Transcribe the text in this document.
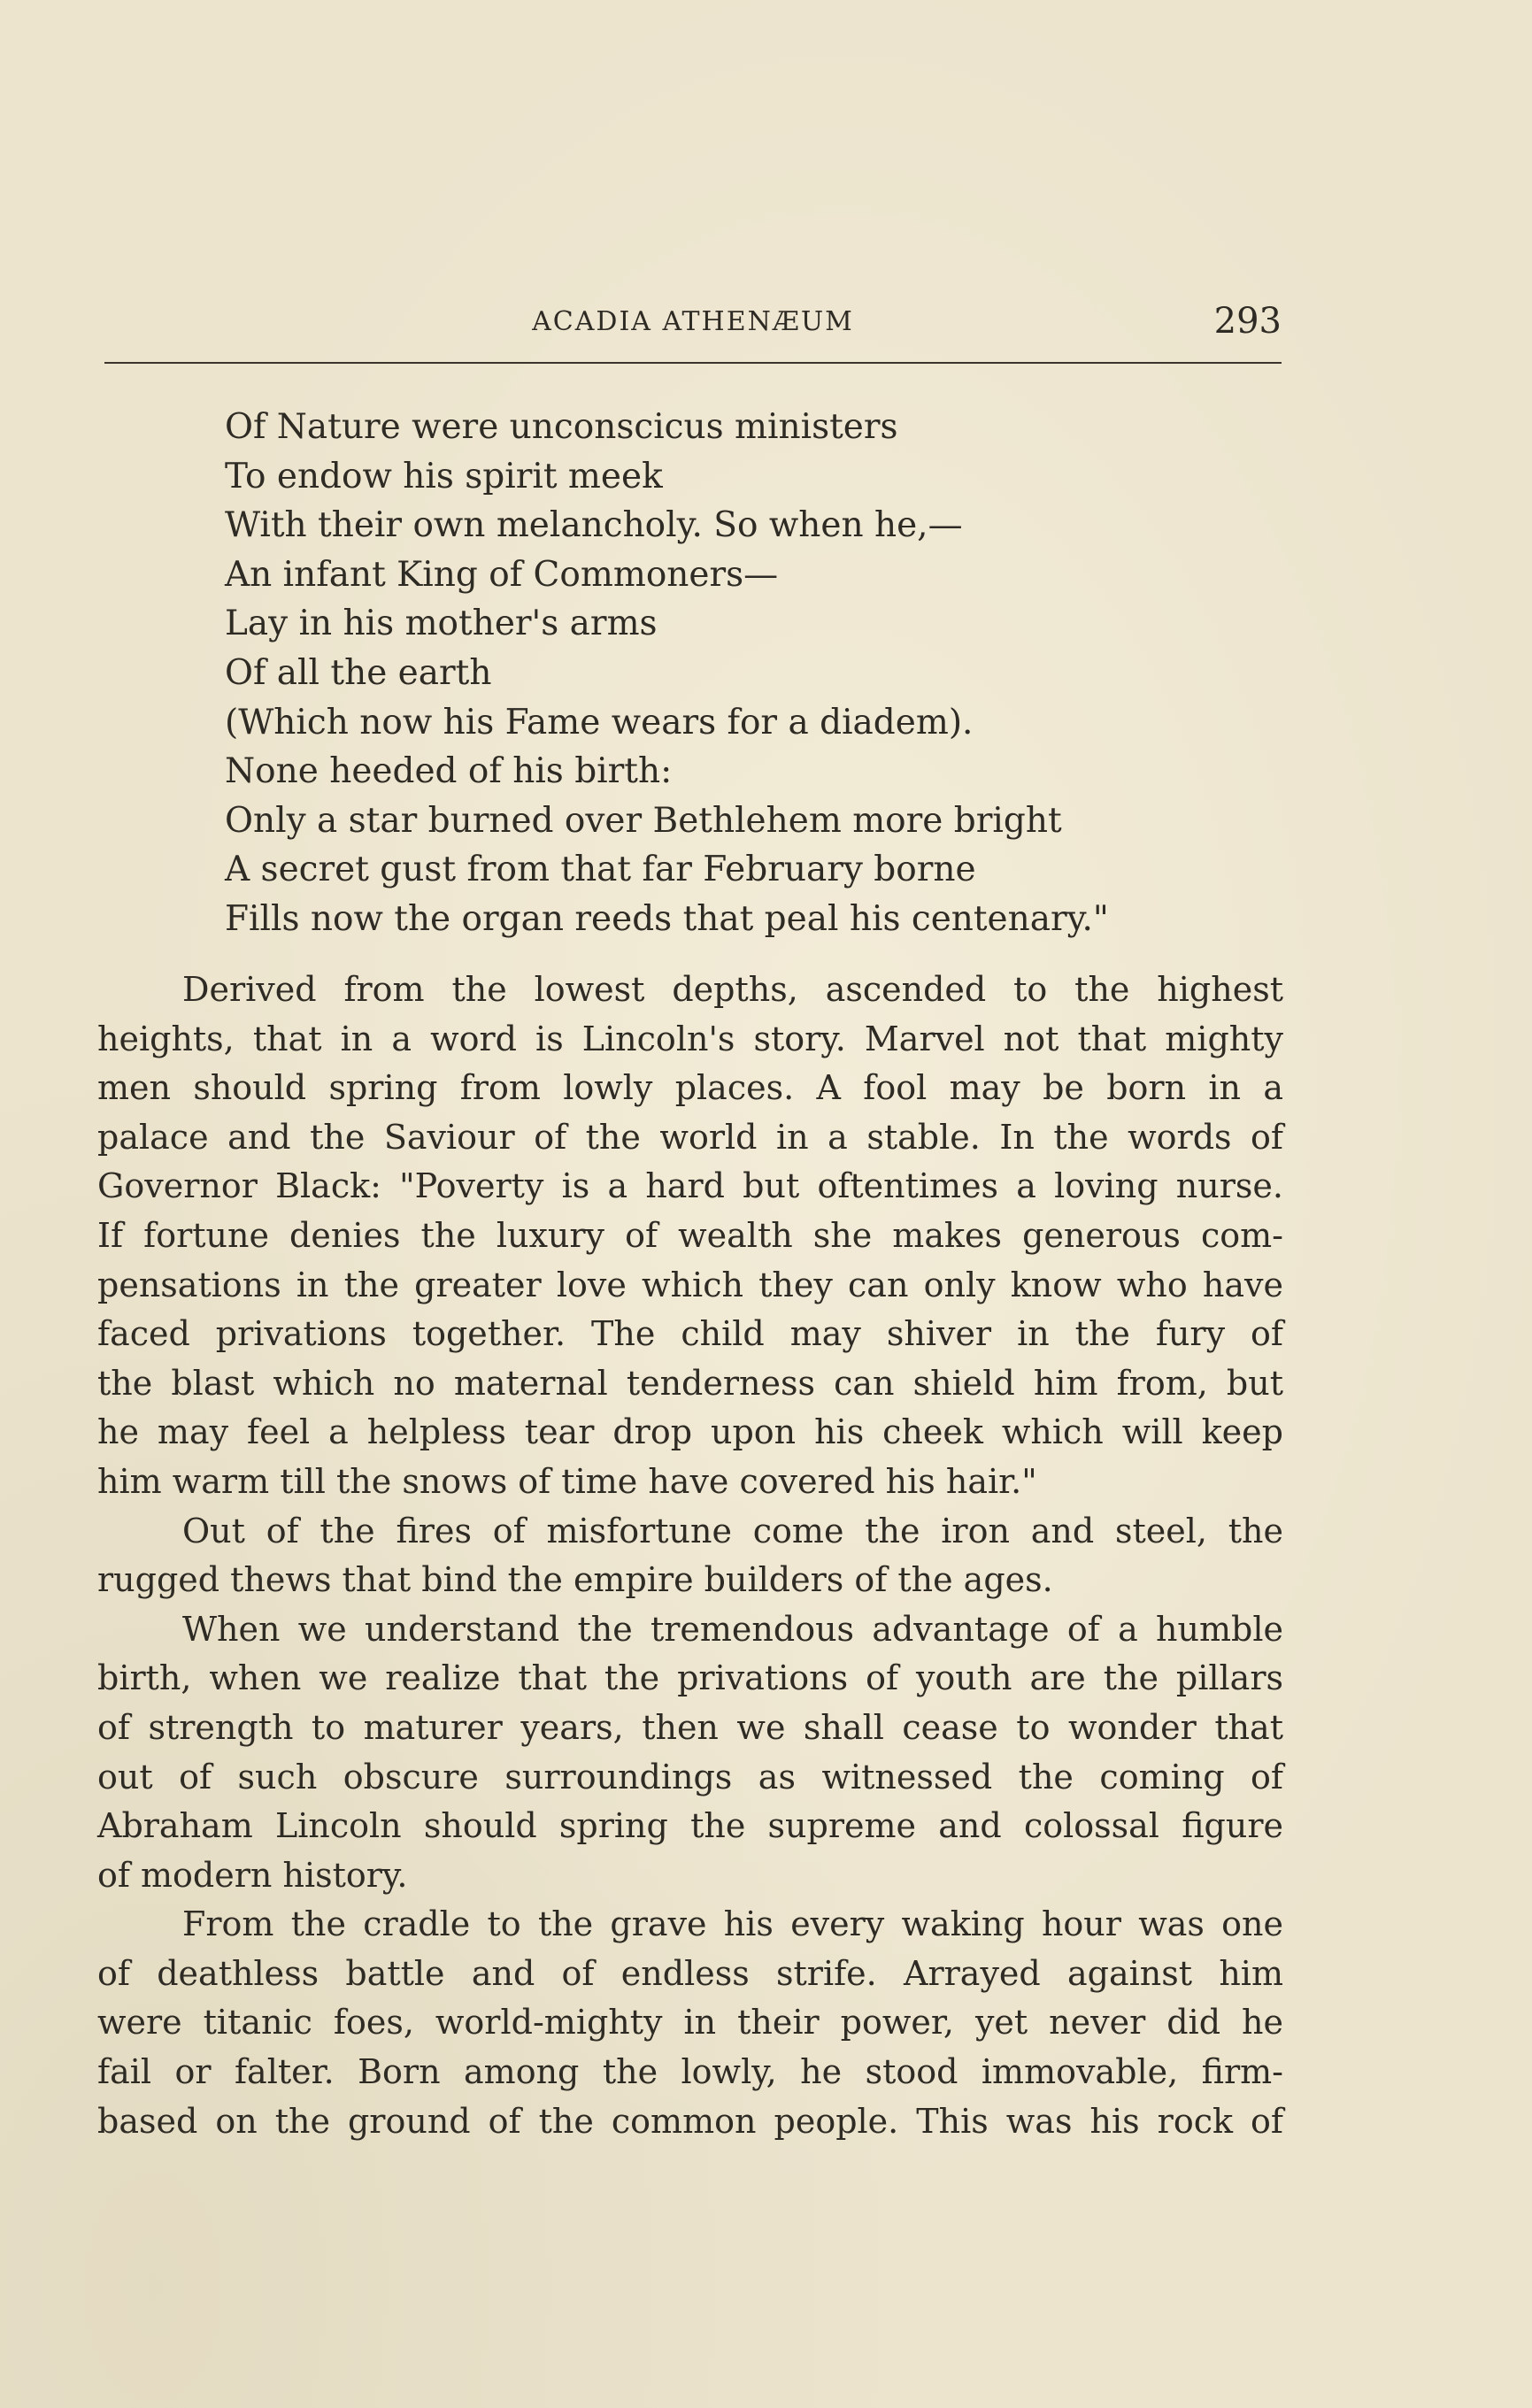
ACADIA ATHENÆUM	293
Of Nature were unconscicus ministers
To endow his spirit meek
With their own melancholy. So when he,—
An infant King of Commoners—
Lay in his mother's arms
Of all the earth
(Which now his Fame wears for a diadem).
None heeded of his birth:
Only a star burned over Bethlehem more bright
A secret gust from that far February borne
Fills now the organ reeds that peal his centenary."
Derived from the lowest depths, ascended to the highest
heights, that in a word is Lincoln's story. Marvel not that mighty
men should spring from lowly places. A fool may be born in a
palace and the Saviour of the world in a stable. In the words of
Governor Black: "Poverty is a hard but oftentimes a loving nurse.
If fortune denies the luxury of wealth she makes generous com-
pensations in the greater love which they can only know who have
faced privations together. The child may shiver in the fury of
the blast which no maternal tenderness can shield him from, but
he may feel a helpless tear drop upon his cheek which will keep
him warm till the snows of time have covered his hair."
Out of the fires of misfortune come the iron and steel, the
rugged thews that bind the empire builders of the ages.
When we understand the tremendous advantage of a humble
birth, when we realize that the privations of youth are the pillars
of strength to maturer years, then we shall cease to wonder that
out of such obscure surroundings as witnessed the coming of
Abraham Lincoln should spring the supreme and colossal figure
of modern history.
From the cradle to the grave his every waking hour was one
of deathless battle and of endless strife. Arrayed against him
were titanic foes, world-mighty in their power, yet never did he
fail or falter. Born among the lowly, he stood immovable, firm-
based on the ground of the common people. This was his rock of
